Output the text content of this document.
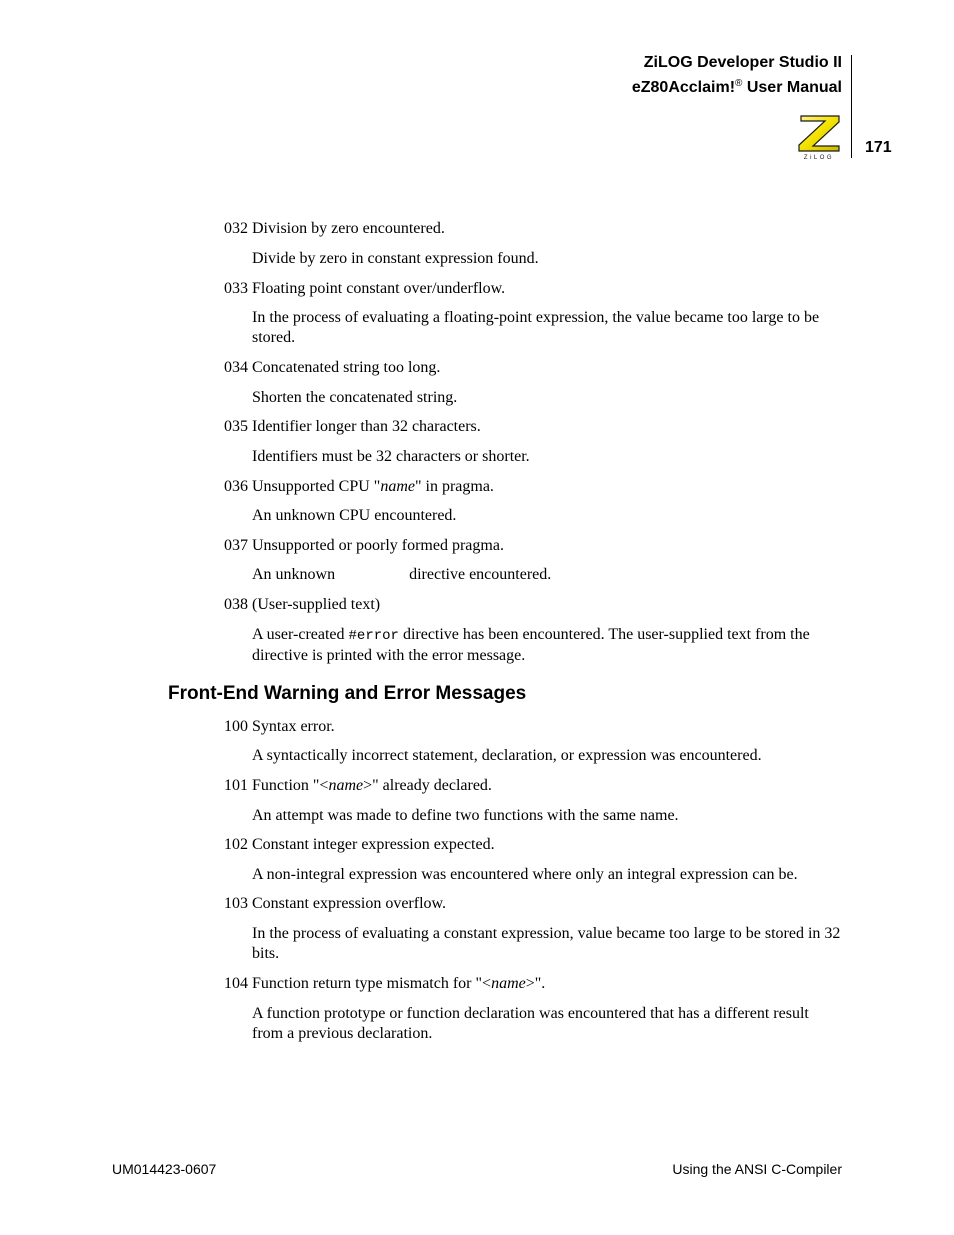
ZiLOG Developer Studio II
eZ80Acclaim!® User Manual
ZiLOG
171
032 Division by zero encountered.
Divide by zero in constant expression found.
033 Floating point constant over/underflow.
In the process of evaluating a floating-point expression, the value became too large to be stored.
034 Concatenated string too long.
Shorten the concatenated string.
035 Identifier longer than 32 characters.
Identifiers must be 32 characters or shorter.
036 Unsupported CPU "name" in pragma.
An unknown CPU encountered.
037 Unsupported or poorly formed pragma.
An unknown	directive encountered.
038 (User-supplied text)
A user-created #error directive has been encountered. The user-supplied text from the directive is printed with the error message.
Front-End Warning and Error Messages
100 Syntax error.
A syntactically incorrect statement, declaration, or expression was encountered.
101 Function "<name>" already declared.
An attempt was made to define two functions with the same name.
102 Constant integer expression expected.
A non-integral expression was encountered where only an integral expression can be.
103 Constant expression overflow.
In the process of evaluating a constant expression, value became too large to be stored in 32 bits.
104 Function return type mismatch for "<name>".
A function prototype or function declaration was encountered that has a different result from a previous declaration.
UM014423-0607	Using the ANSI C-Compiler
